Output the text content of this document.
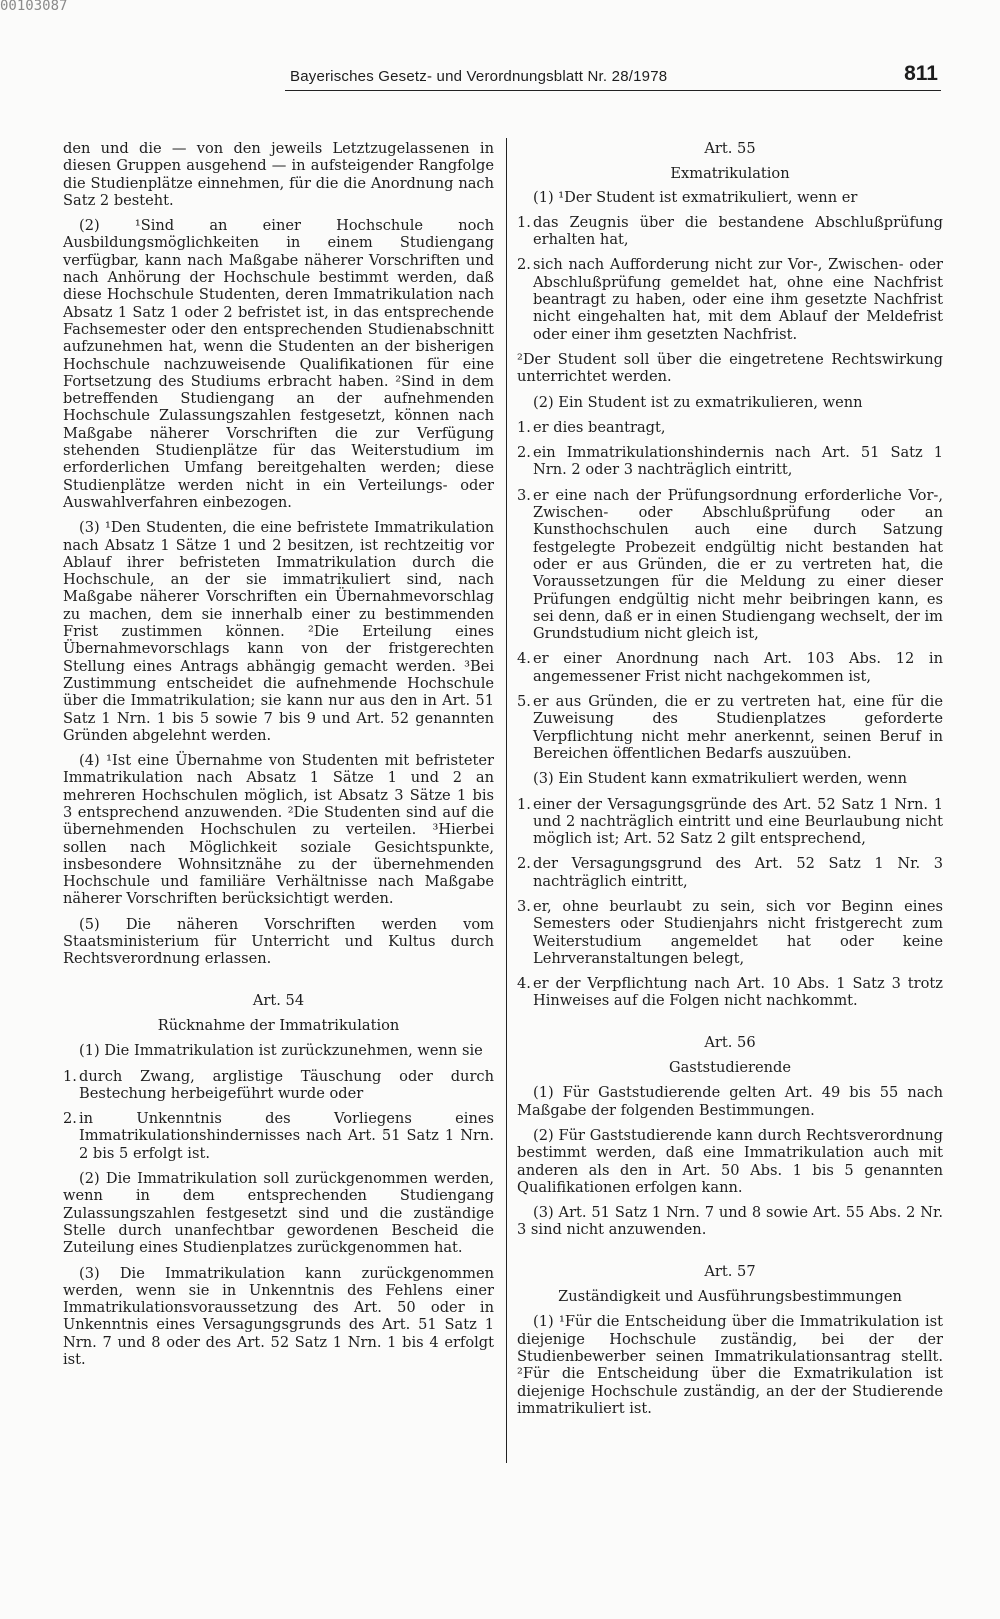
00103087
Bayerisches Gesetz- und Verordnungsblatt Nr. 28/1978	811

den und die — von den jeweils Letztzugelassenen in diesen Gruppen ausgehend — in aufsteigender Rangfolge die Studienplätze einnehmen, für die die Anordnung nach Satz 2 besteht.

(2) ¹Sind an einer Hochschule noch Ausbildungsmöglichkeiten in einem Studiengang verfügbar, kann nach Maßgabe näherer Vorschriften und nach Anhörung der Hochschule bestimmt werden, daß diese Hochschule Studenten, deren Immatrikulation nach Absatz 1 Satz 1 oder 2 befristet ist, in das entsprechende Fachsemester oder den entsprechenden Studienabschnitt aufzunehmen hat, wenn die Studenten an der bisherigen Hochschule nachzuweisende Qualifikationen für eine Fortsetzung des Studiums erbracht haben. ²Sind in dem betreffenden Studiengang an der aufnehmenden Hochschule Zulassungszahlen festgesetzt, können nach Maßgabe näherer Vorschriften die zur Verfügung stehenden Studienplätze für das Weiterstudium im erforderlichen Umfang bereitgehalten werden; diese Studienplätze werden nicht in ein Verteilungs- oder Auswahlverfahren einbezogen.

(3) ¹Den Studenten, die eine befristete Immatrikulation nach Absatz 1 Sätze 1 und 2 besitzen, ist rechtzeitig vor Ablauf ihrer befristeten Immatrikulation durch die Hochschule, an der sie immatrikuliert sind, nach Maßgabe näherer Vorschriften ein Übernahmevorschlag zu machen, dem sie innerhalb einer zu bestimmenden Frist zustimmen können. ²Die Erteilung eines Übernahmevorschlags kann von der fristgerechten Stellung eines Antrags abhängig gemacht werden. ³Bei Zustimmung entscheidet die aufnehmende Hochschule über die Immatrikulation; sie kann nur aus den in Art. 51 Satz 1 Nrn. 1 bis 5 sowie 7 bis 9 und Art. 52 genannten Gründen abgelehnt werden.

(4) ¹Ist eine Übernahme von Studenten mit befristeter Immatrikulation nach Absatz 1 Sätze 1 und 2 an mehreren Hochschulen möglich, ist Absatz 3 Sätze 1 bis 3 entsprechend anzuwenden. ²Die Studenten sind auf die übernehmenden Hochschulen zu verteilen. ³Hierbei sollen nach Möglichkeit soziale Gesichtspunkte, insbesondere Wohnsitznähe zu der übernehmenden Hochschule und familiäre Verhältnisse nach Maßgabe näherer Vorschriften berücksichtigt werden.

(5) Die näheren Vorschriften werden vom Staatsministerium für Unterricht und Kultus durch Rechtsverordnung erlassen.

Art. 54

Rücknahme der Immatrikulation

(1) Die Immatrikulation ist zurückzunehmen, wenn sie

1. durch Zwang, arglistige Täuschung oder durch Bestechung herbeigeführt wurde oder
2. in Unkenntnis des Vorliegens eines Immatrikulationshindernisses nach Art. 51 Satz 1 Nrn. 2 bis 5 erfolgt ist.

(2) Die Immatrikulation soll zurückgenommen werden, wenn in dem entsprechenden Studiengang Zulassungszahlen festgesetzt sind und die zuständige Stelle durch unanfechtbar gewordenen Bescheid die Zuteilung eines Studienplatzes zurückgenommen hat.

(3) Die Immatrikulation kann zurückgenommen werden, wenn sie in Unkenntnis des Fehlens einer Immatrikulationsvoraussetzung des Art. 50 oder in Unkenntnis eines Versagungsgrunds des Art. 51 Satz 1 Nrn. 7 und 8 oder des Art. 52 Satz 1 Nrn. 1 bis 4 erfolgt ist.

Art. 55

Exmatrikulation

(1) ¹Der Student ist exmatrikuliert, wenn er

1. das Zeugnis über die bestandene Abschlußprüfung erhalten hat,
2. sich nach Aufforderung nicht zur Vor-, Zwischen- oder Abschlußprüfung gemeldet hat, ohne eine Nachfrist beantragt zu haben, oder eine ihm gesetzte Nachfrist nicht eingehalten hat, mit dem Ablauf der Meldefrist oder einer ihm gesetzten Nachfrist.

²Der Student soll über die eingetretene Rechtswirkung unterrichtet werden.

(2) Ein Student ist zu exmatrikulieren, wenn

1. er dies beantragt,
2. ein Immatrikulationshindernis nach Art. 51 Satz 1 Nrn. 2 oder 3 nachträglich eintritt,
3. er eine nach der Prüfungsordnung erforderliche Vor-, Zwischen- oder Abschlußprüfung oder an Kunsthochschulen auch eine durch Satzung festgelegte Probezeit endgültig nicht bestanden hat oder er aus Gründen, die er zu vertreten hat, die Voraussetzungen für die Meldung zu einer dieser Prüfungen endgültig nicht mehr beibringen kann, es sei denn, daß er in einen Studiengang wechselt, der im Grundstudium nicht gleich ist,
4. er einer Anordnung nach Art. 103 Abs. 12 in angemessener Frist nicht nachgekommen ist,
5. er aus Gründen, die er zu vertreten hat, eine für die Zuweisung des Studienplatzes geforderte Verpflichtung nicht mehr anerkennt, seinen Beruf in Bereichen öffentlichen Bedarfs auszuüben.

(3) Ein Student kann exmatrikuliert werden, wenn

1. einer der Versagungsgründe des Art. 52 Satz 1 Nrn. 1 und 2 nachträglich eintritt und eine Beurlaubung nicht möglich ist; Art. 52 Satz 2 gilt entsprechend,
2. der Versagungsgrund des Art. 52 Satz 1 Nr. 3 nachträglich eintritt,
3. er, ohne beurlaubt zu sein, sich vor Beginn eines Semesters oder Studienjahrs nicht fristgerecht zum Weiterstudium angemeldet hat oder keine Lehrveranstaltungen belegt,
4. er der Verpflichtung nach Art. 10 Abs. 1 Satz 3 trotz Hinweises auf die Folgen nicht nachkommt.

Art. 56

Gaststudierende

(1) Für Gaststudierende gelten Art. 49 bis 55 nach Maßgabe der folgenden Bestimmungen.

(2) Für Gaststudierende kann durch Rechtsverordnung bestimmt werden, daß eine Immatrikulation auch mit anderen als den in Art. 50 Abs. 1 bis 5 genannten Qualifikationen erfolgen kann.

(3) Art. 51 Satz 1 Nrn. 7 und 8 sowie Art. 55 Abs. 2 Nr. 3 sind nicht anzuwenden.

Art. 57

Zuständigkeit und Ausführungsbestimmungen

(1) ¹Für die Entscheidung über die Immatrikulation ist diejenige Hochschule zuständig, bei der der Studienbewerber seinen Immatrikulationsantrag stellt. ²Für die Entscheidung über die Exmatrikulation ist diejenige Hochschule zuständig, an der der Studierende immatrikuliert ist.
